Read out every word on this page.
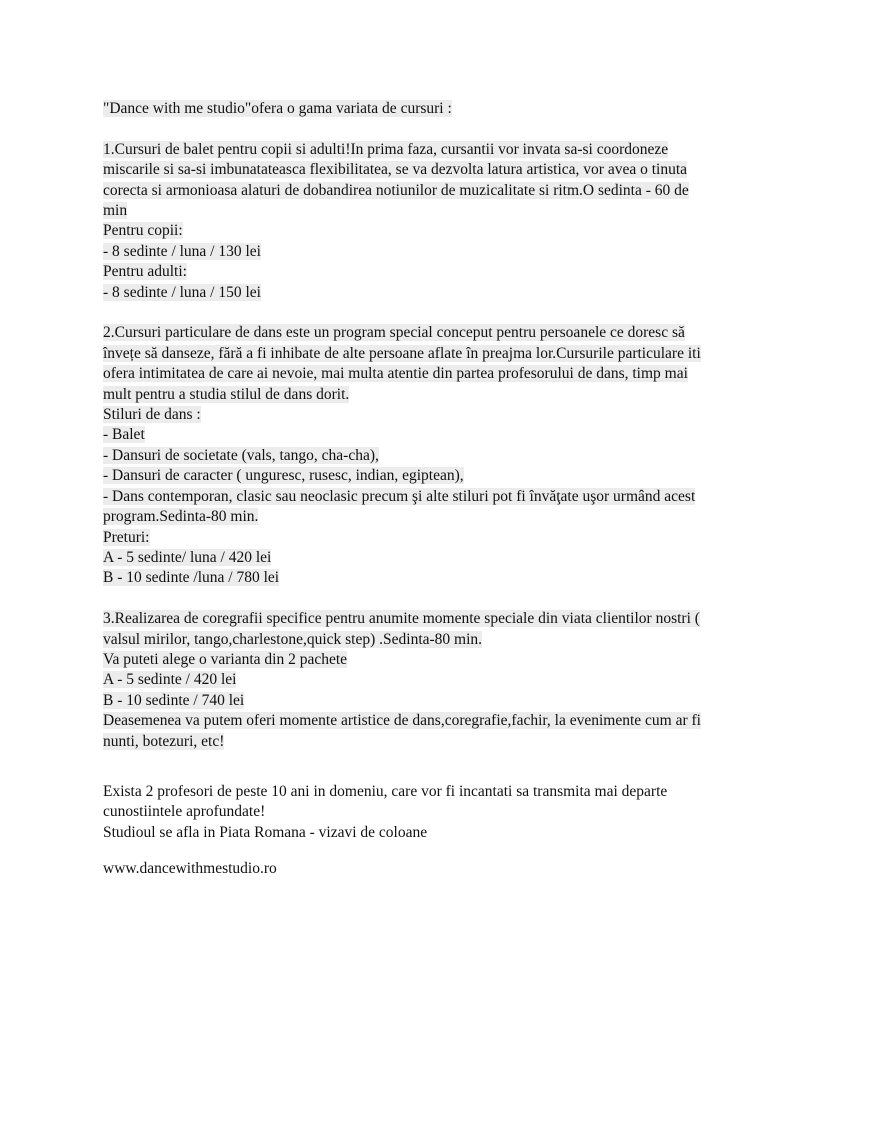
"Dance with me studio"ofera o gama variata de cursuri :
1.Cursuri de balet pentru copii si adulti!In prima faza, cursantii vor invata sa-si coordoneze
miscarile si sa-si imbunatateasca flexibilitatea, se va dezvolta latura artistica, vor avea o tinuta
corecta si armonioasa alaturi de dobandirea notiunilor de muzicalitate si ritm.O sedinta - 60 de
min
Pentru copii:
- 8 sedinte / luna / 130 lei
Pentru adulti:
- 8 sedinte / luna / 150 lei
2.Cursuri particulare de dans este un program special conceput pentru persoanele ce doresc să
învețe să danseze, fără a fi inhibate de alte persoane aflate în preajma lor.Cursurile particulare iti
ofera intimitatea de care ai nevoie, mai multa atentie din partea profesorului de dans, timp mai
mult pentru a studia stilul de dans dorit.
Stiluri de dans :
- Balet
- Dansuri de societate (vals, tango, cha-cha),
- Dansuri de caracter ( unguresc, rusesc, indian, egiptean),
- Dans contemporan, clasic sau neoclasic precum şi alte stiluri pot fi învăţate uşor urmând acest
program.Sedinta-80 min.
Preturi:
A - 5 sedinte/ luna / 420 lei
B - 10 sedinte /luna / 780 lei
3.Realizarea de coregrafii specifice pentru anumite momente speciale din viata clientilor nostri (
valsul mirilor, tango,charlestone,quick step) .Sedinta-80 min.
Va puteti alege o varianta din 2 pachete
A - 5 sedinte / 420 lei
B - 10 sedinte / 740 lei
Deasemenea va putem oferi momente artistice de dans,coregrafie,fachir, la evenimente cum ar fi
nunti, botezuri, etc!
Exista 2 profesori de peste 10 ani in domeniu, care vor fi incantati sa transmita mai departe
cunostiintele aprofundate!
Studioul se afla in Piata Romana - vizavi de coloane
www.dancewithmestudio.ro
